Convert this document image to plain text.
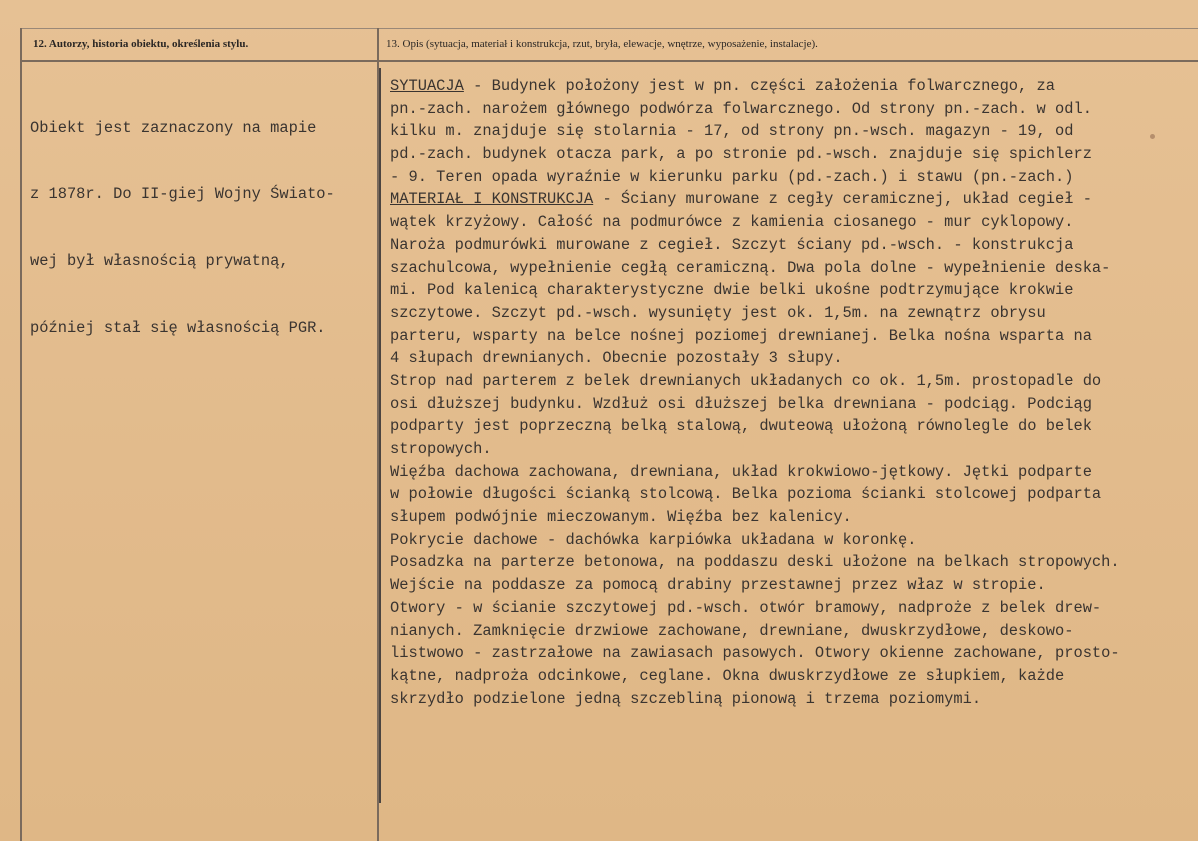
12. Autorzy, historia obiektu, określenia stylu.	13. Opis (sytuacja, materiał i konstrukcja, rzut, bryła, elewacje, wnętrze, wyposażenie, instalacje).

Obiekt jest zaznaczony na mapie

z 1878r. Do II-giej Wojny Świato-

wej był własnością prywatną,

później stał się własnością PGR.

SYTUACJA - Budynek położony jest w pn. części założenia folwarcznego, za
pn.-zach. narożem głównego podwórza folwarcznego. Od strony pn.-zach. w odl.
kilku m. znajduje się stolarnia - 17, od strony pn.-wsch. magazyn - 19, od
pd.-zach. budynek otacza park, a po stronie pd.-wsch. znajduje się spichlerz
- 9. Teren opada wyraźnie w kierunku parku (pd.-zach.) i stawu (pn.-zach.)
MATERIAŁ I KONSTRUKCJA - Ściany murowane z cegły ceramicznej, układ cegieł -
wątek krzyżowy. Całość na podmurówce z kamienia ciosanego - mur cyklopowy.
Naroża podmurówki murowane z cegieł. Szczyt ściany pd.-wsch. - konstrukcja
szachulcowa, wypełnienie cegłą ceramiczną. Dwa pola dolne - wypełnienie deska-
mi. Pod kalenicą charakterystyczne dwie belki ukośne podtrzymujące krokwie
szczytowe. Szczyt pd.-wsch. wysunięty jest ok. 1,5m. na zewnątrz obrysu
parteru, wsparty na belce nośnej poziomej drewnianej. Belka nośna wsparta na
4 słupach drewnianych. Obecnie pozostały 3 słupy.
Strop nad parterem z belek drewnianych układanych co ok. 1,5m. prostopadle do
osi dłuższej budynku. Wzdłuż osi dłuższej belka drewniana - podciąg. Podciąg
podparty jest poprzeczną belką stalową, dwuteową ułożoną równolegle do belek
stropowych.
Więźba dachowa zachowana, drewniana, układ krokwiowo-jętkowy. Jętki podparte
w połowie długości ścianką stolcową. Belka pozioma ścianki stolcowej podparta
słupem podwójnie mieczowanym. Więźba bez kalenicy.
Pokrycie dachowe - dachówka karpiówka układana w koronkę.
Posadzka na parterze betonowa, na poddaszu deski ułożone na belkach stropowych.
Wejście na poddasze za pomocą drabiny przestawnej przez właz w stropie.
Otwory - w ścianie szczytowej pd.-wsch. otwór bramowy, nadproże z belek drew-
nianych. Zamknięcie drzwiowe zachowane, drewniane, dwuskrzydłowe, deskowo-
listwowo - zastrzałowe na zawiasach pasowych. Otwory okienne zachowane, prosto-
kątne, nadproża odcinkowe, ceglane. Okna dwuskrzydłowe ze słupkiem, każde
skrzydło podzielone jedną szczebliną pionową i trzema poziomymi.
